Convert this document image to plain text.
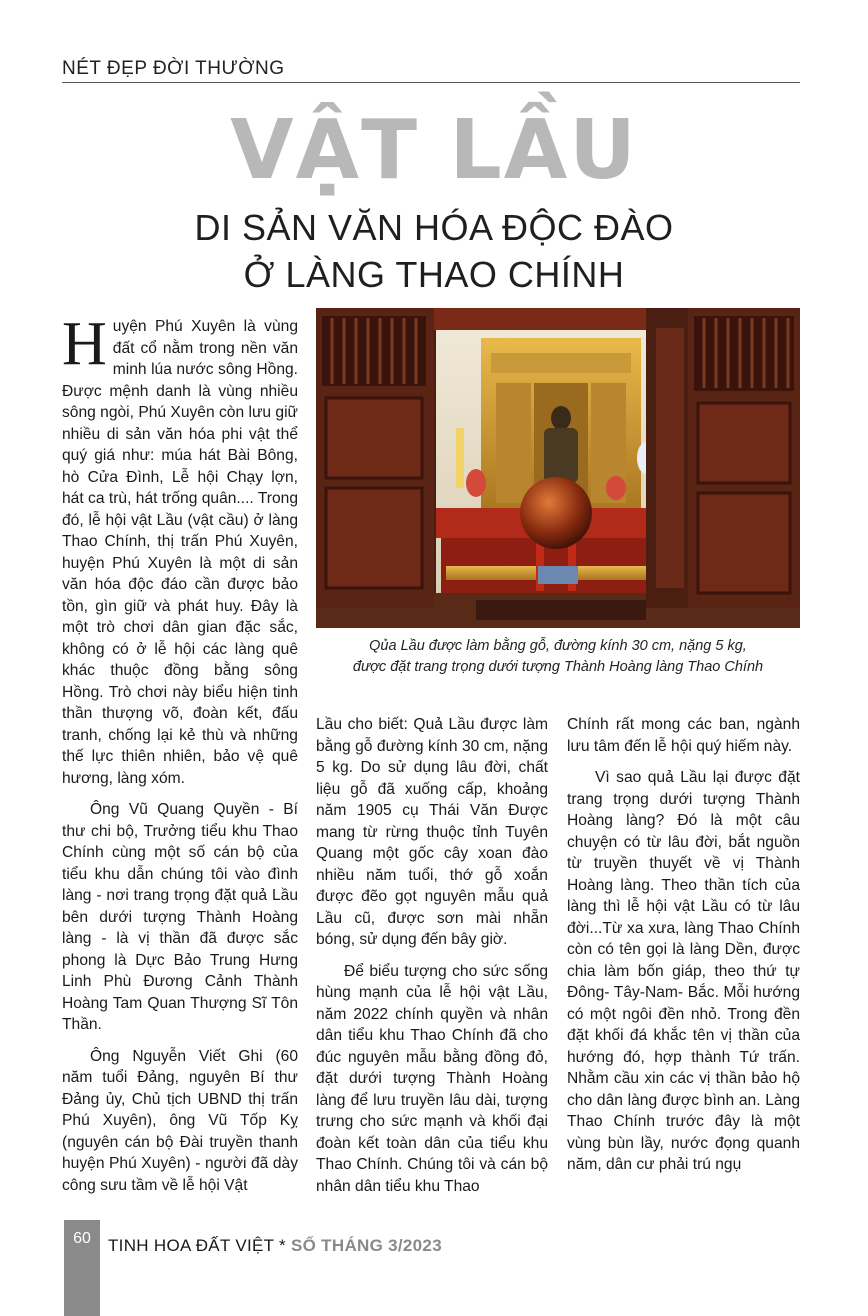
NÉT ĐẸP ĐỜI THƯỜNG
VẬT LẦU
DI SẢN VĂN HÓA ĐỘC ĐÀO
Ở LÀNG THAO CHÍNH

Huyện Phú Xuyên là vùng đất cổ nằm trong nền văn minh lúa nước sông Hồng. Được mệnh danh là vùng nhiều sông ngòi, Phú Xuyên còn lưu giữ nhiều di sản văn hóa phi vật thể quý giá như: múa hát Bài Bông, hò Cửa Đình, Lễ hội Chạy lợn, hát ca trù, hát trống quân.... Trong đó, lễ hội vật Lầu (vật cầu) ở làng Thao Chính, thị trấn Phú Xuyên, huyện Phú Xuyên là một di sản văn hóa độc đáo cần được bảo tồn, gìn giữ và phát huy. Đây là một trò chơi dân gian đặc sắc, không có ở lễ hội các làng quê khác thuộc đồng bằng sông Hồng. Trò chơi này biểu hiện tinh thần thượng võ, đoàn kết, đấu tranh, chống lại kẻ thù và những thế lực thiên nhiên, bảo vệ quê hương, làng xóm.

Ông Vũ Quang Quyền - Bí thư chi bộ, Trưởng tiểu khu Thao Chính cùng một số cán bộ của tiểu khu dẫn chúng tôi vào đình làng - nơi trang trọng đặt quả Lầu bên dưới tượng Thành Hoàng làng - là vị thần đã được sắc phong là Dực Bảo Trung Hưng Linh Phù Đương Cảnh Thành Hoàng Tam Quan Thượng Sĩ Tôn Thần.

Ông Nguyễn Viết Ghi (60 năm tuổi Đảng, nguyên Bí thư Đảng ủy, Chủ tịch UBND thị trấn Phú Xuyên), ông Vũ Tốp Kỵ (nguyên cán bộ Đài truyền thanh huyện Phú Xuyên) - người đã dày công sưu tầm về lễ hội Vật

Qủa Lầu được làm bằng gỗ, đường kính 30 cm, nặng 5 kg,
được đặt trang trọng dưới tượng Thành Hoàng làng Thao Chính

Lầu cho biết: Quả Lầu được làm bằng gỗ đường kính 30 cm, nặng 5 kg. Do sử dụng lâu đời, chất liệu gỗ đã xuống cấp, khoảng năm 1905 cụ Thái Văn Được mang từ rừng thuộc tỉnh Tuyên Quang một gốc cây xoan đào nhiều năm tuổi, thớ gỗ xoắn được đẽo gọt nguyên mẫu quả Lầu cũ, được sơn mài nhẵn bóng, sử dụng đến bây giờ.

Để biểu tượng cho sức sống hùng mạnh của lễ hội vật Lầu, năm 2022 chính quyền và nhân dân tiểu khu Thao Chính đã cho đúc nguyên mẫu bằng đồng đỏ, đặt dưới tượng Thành Hoàng làng để lưu truyền lâu dài, tượng trưng cho sức mạnh và khối đại đoàn kết toàn dân của tiểu khu Thao Chính. Chúng tôi và cán bộ nhân dân tiểu khu Thao

Chính rất mong các ban, ngành lưu tâm đến lễ hội quý hiếm này.

Vì sao quả Lầu lại được đặt trang trọng dưới tượng Thành Hoàng làng? Đó là một câu chuyện có từ lâu đời, bắt nguồn từ truyền thuyết về vị Thành Hoàng làng. Theo thần tích của làng thì lễ hội vật Lầu có từ lâu đời...Từ xa xưa, làng Thao Chính còn có tên gọi là làng Dền, được chia làm bốn giáp, theo thứ tự Đông- Tây-Nam- Bắc. Mỗi hướng có một ngôi đền nhỏ. Trong đền đặt khối đá khắc tên vị thần của hướng đó, hợp thành Tứ trấn. Nhằm cầu xin các vị thần bảo hộ cho dân làng được bình an. Làng Thao Chính trước đây là một vùng bùn lầy, nước đọng quanh năm, dân cư phải trú ngụ

60	TINH HOA ĐẤT VIỆT * SỐ THÁNG 3/2023
